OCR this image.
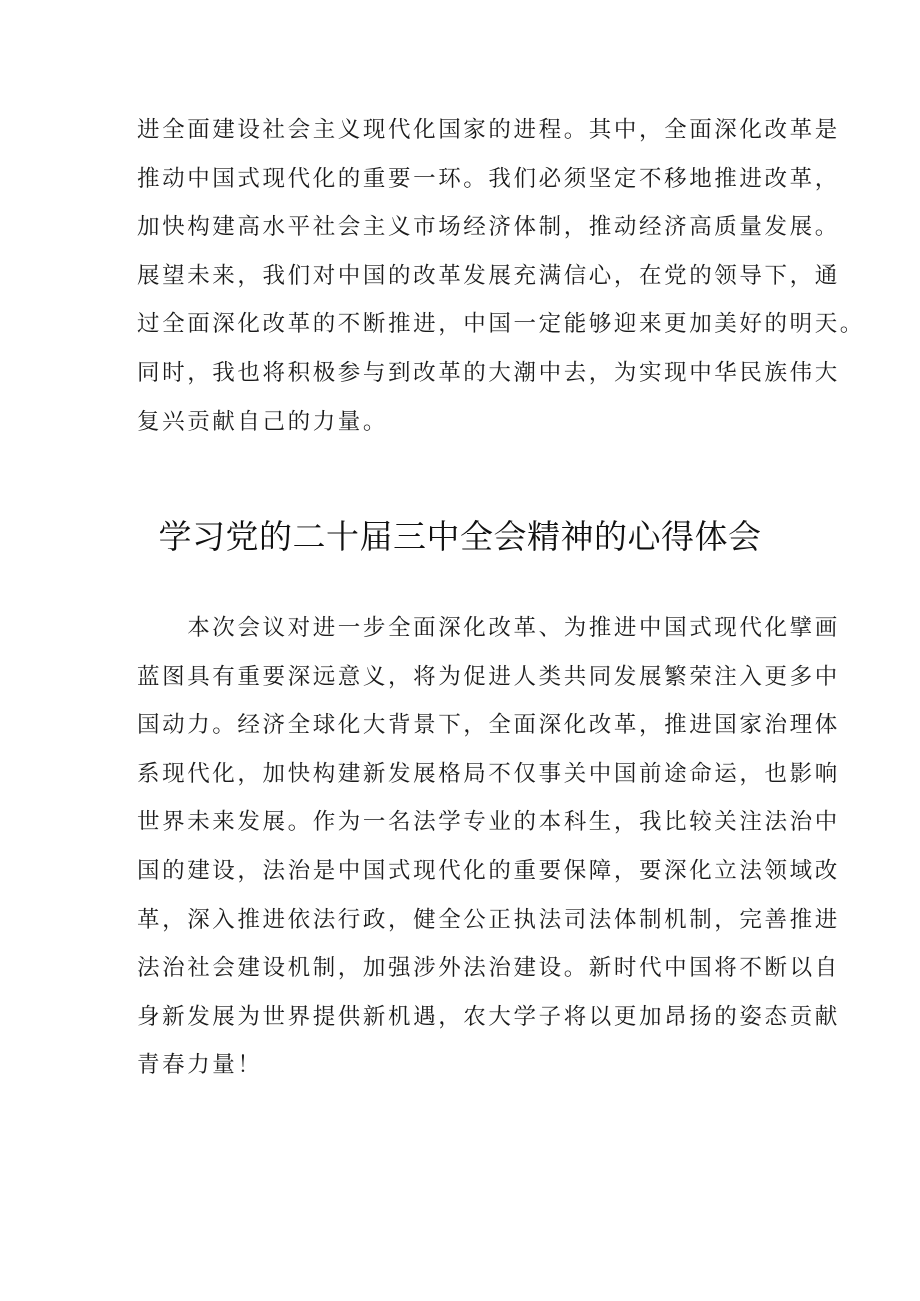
进全面建设社会主义现代化国家的进程。其中，全面深化改革是
推动中国式现代化的重要一环。我们必须坚定不移地推进改革，
加快构建高水平社会主义市场经济体制，推动经济高质量发展。
展望未来，我们对中国的改革发展充满信心，在党的领导下，通
过全面深化改革的不断推进，中国一定能够迎来更加美好的明天。
同时，我也将积极参与到改革的大潮中去，为实现中华民族伟大
复兴贡献自己的力量。
学习党的二十届三中全会精神的心得体会
　　本次会议对进一步全面深化改革、为推进中国式现代化擘画
蓝图具有重要深远意义，将为促进人类共同发展繁荣注入更多中
国动力。经济全球化大背景下，全面深化改革，推进国家治理体
系现代化，加快构建新发展格局不仅事关中国前途命运，也影响
世界未来发展。作为一名法学专业的本科生，我比较关注法治中
国的建设，法治是中国式现代化的重要保障，要深化立法领域改
革，深入推进依法行政，健全公正执法司法体制机制，完善推进
法治社会建设机制，加强涉外法治建设。新时代中国将不断以自
身新发展为世界提供新机遇，农大学子将以更加昂扬的姿态贡献
青春力量！
